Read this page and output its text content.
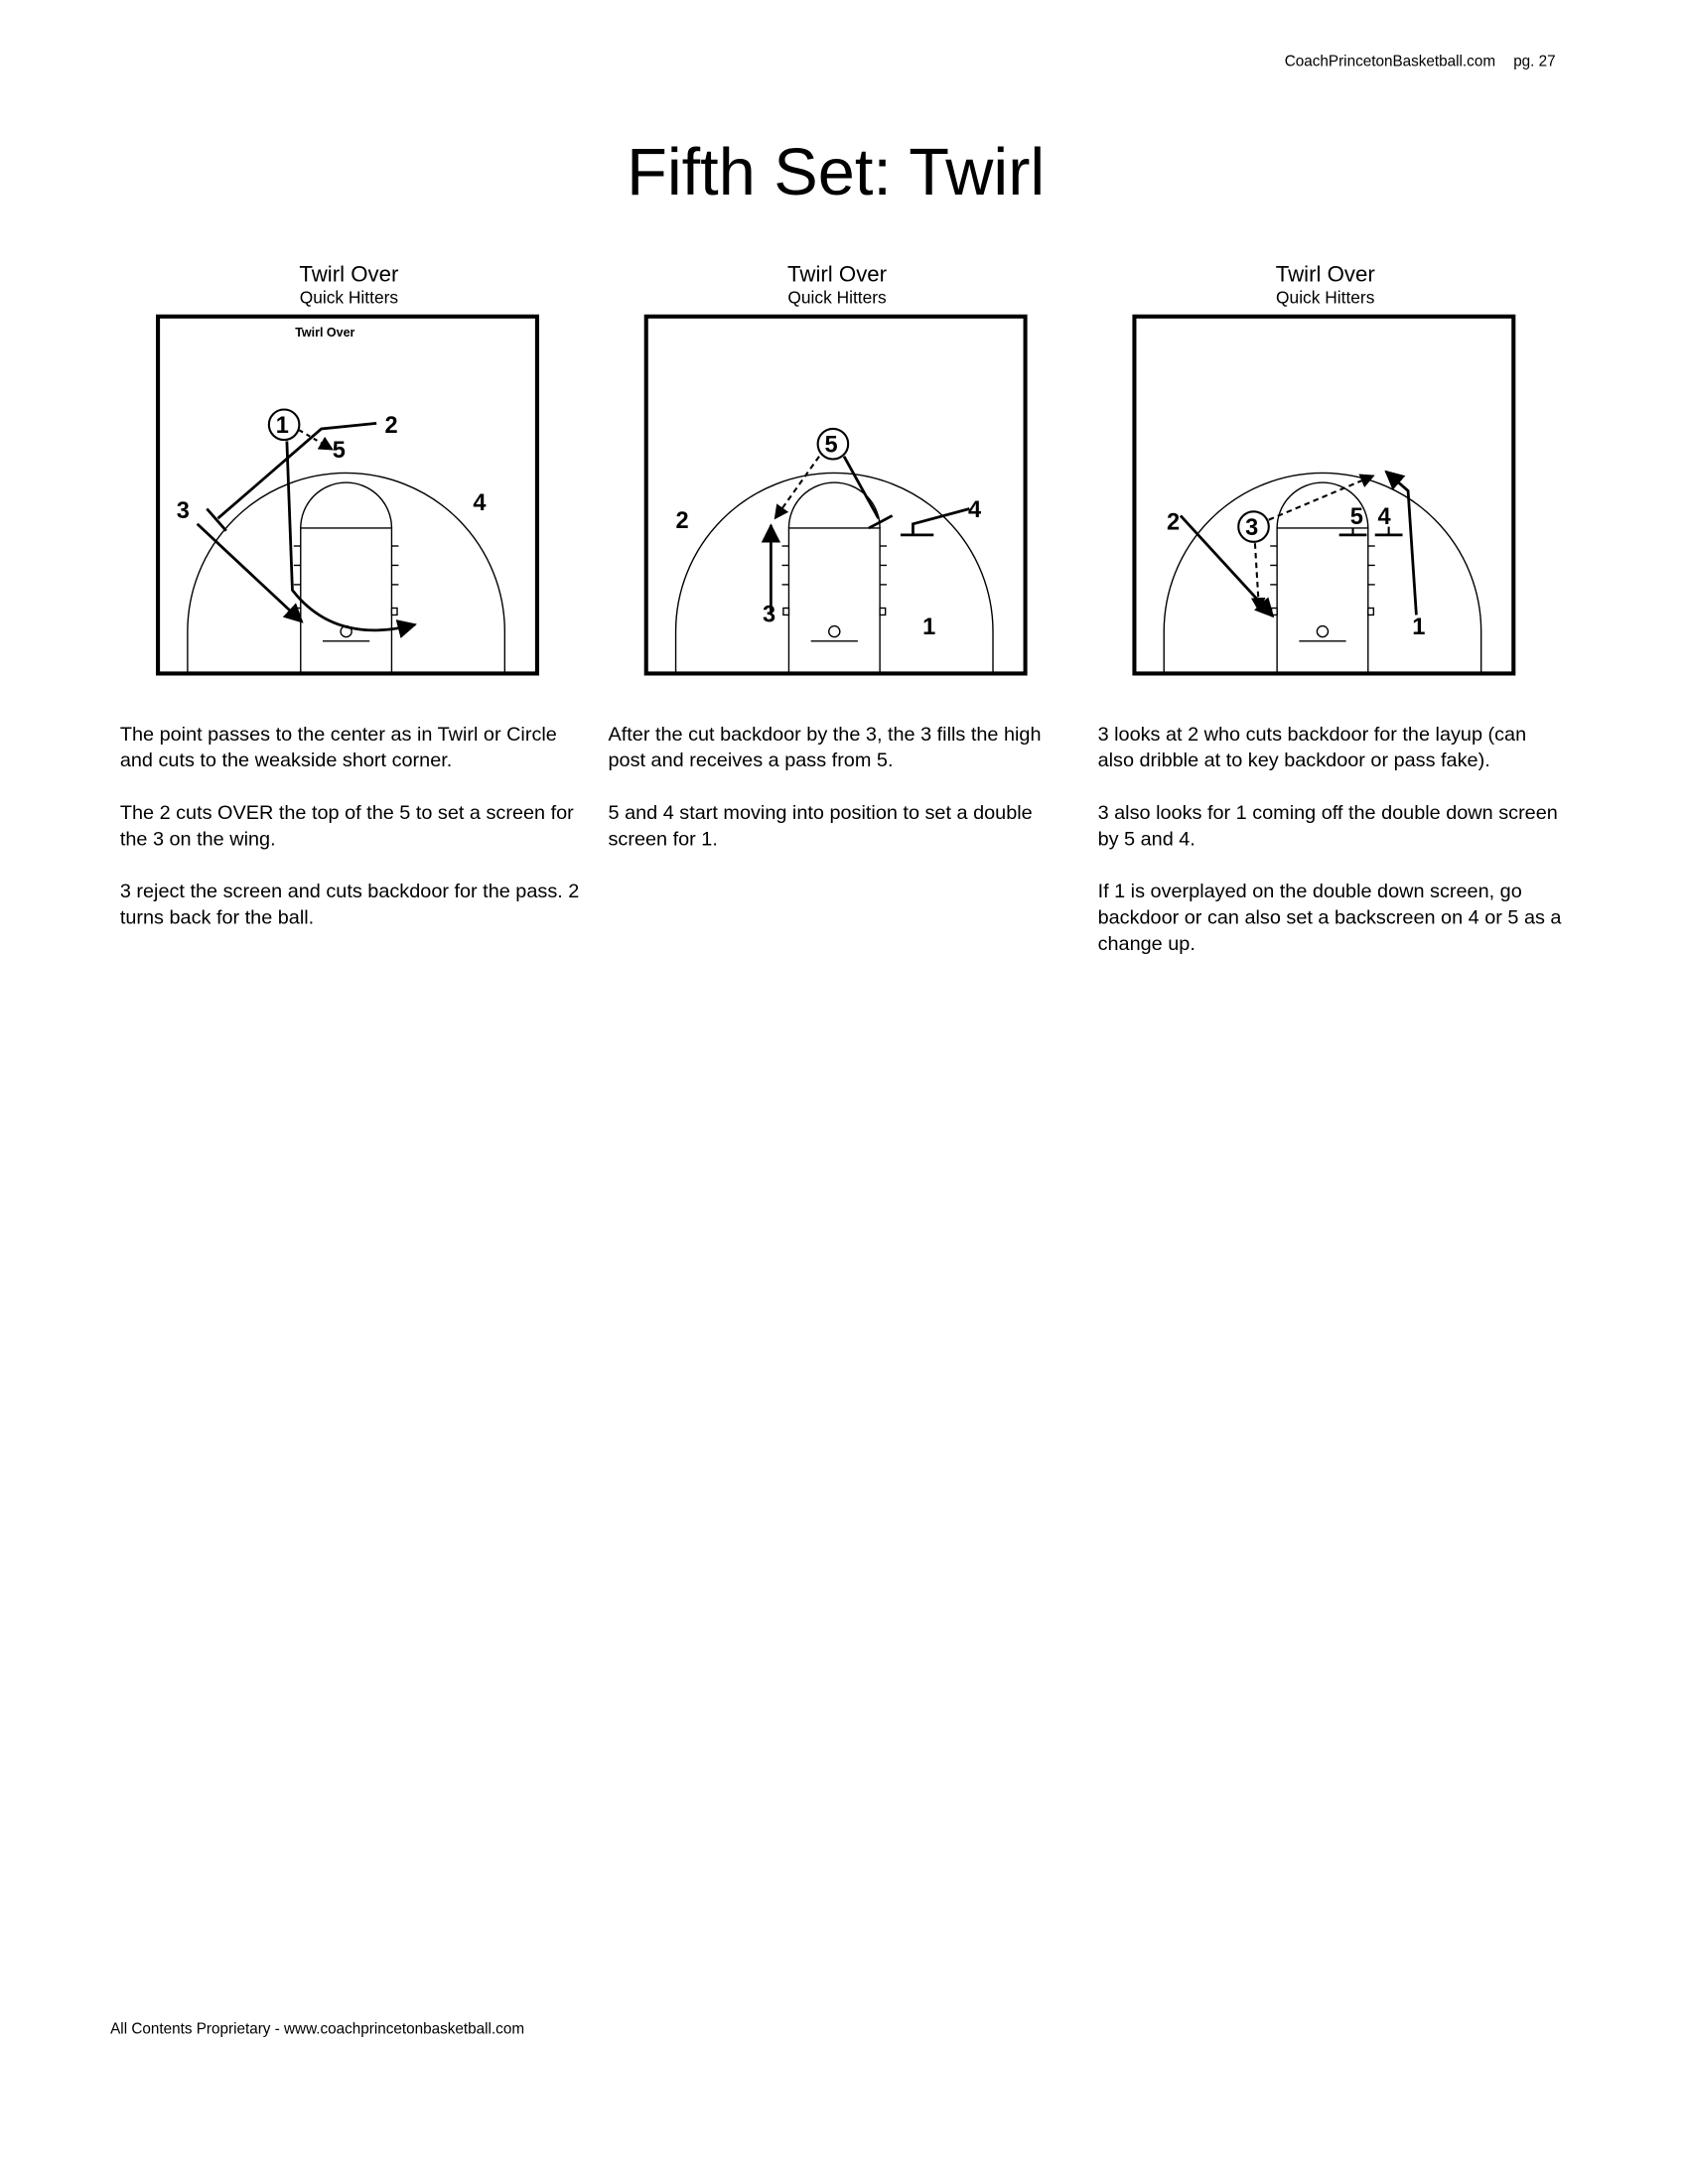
CoachPrincetonBasketball.com pg. 27
Fifth Set: Twirl
Twirl Over
Quick Hitters
Twirl Over
1	2
5
4
3
Twirl Over
Quick Hitters
5
2
3	1
4
Twirl Over
Quick Hitters
3
2	5 4
1

The point passes to the center as in Twirl or Circle and cuts to the weakside short corner.

The 2 cuts OVER the top of the 5 to set a screen for the 3 on the wing.

3 reject the screen and cuts backdoor for the pass. 2 turns back for the ball.

After the cut backdoor by the 3, the 3 fills the high post and receives a pass from 5.

5 and 4 start moving into position to set a double screen for 1.

3 looks at 2 who cuts backdoor for the layup (can also dribble at to key backdoor or pass fake).

3 also looks for 1 coming off the double down screen by 5 and 4.

If 1 is overplayed on the double down screen, go backdoor or can also set a backscreen on 4 or 5 as a change up.

All Contents Proprietary - www.coachprincetonbasketball.com
